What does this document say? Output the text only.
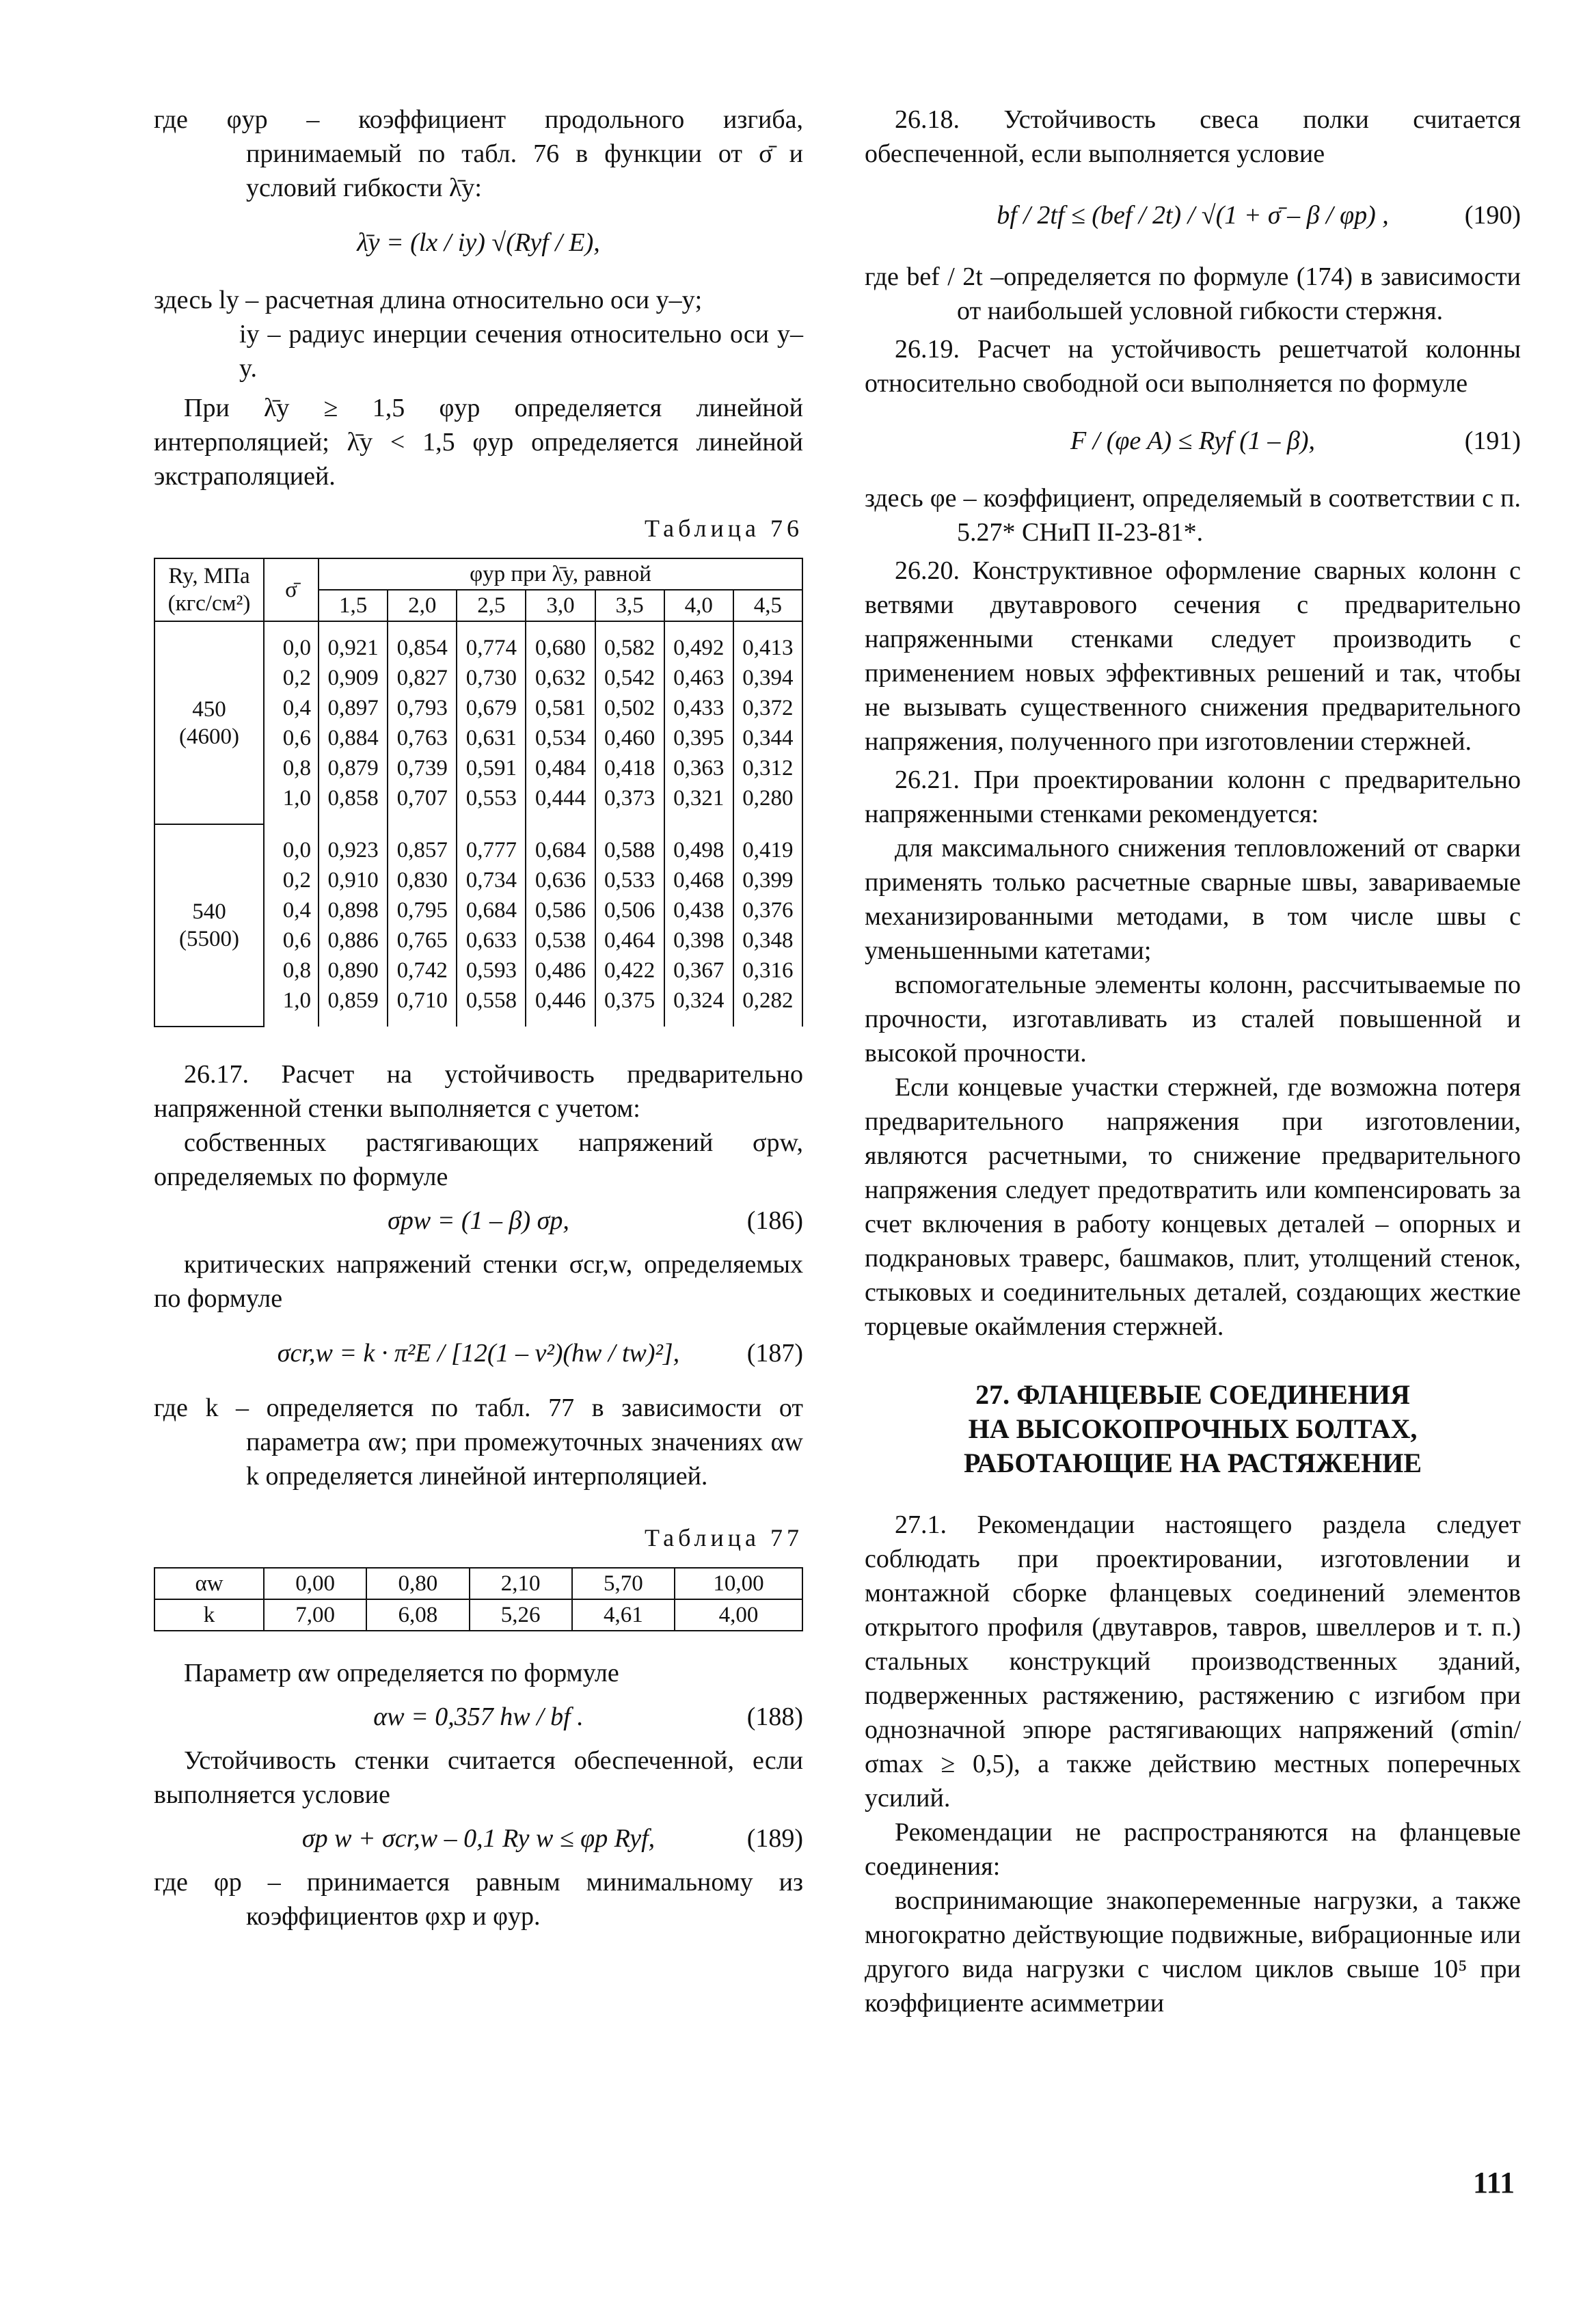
где φyp – коэффициент продольного изгиба, принимаемый по табл. 76 в функции от σ̄ и условий гибкости λ̄y:

λ̄y = (lx / iy) √(Ryf / E),

здесь ly – расчетная длина относительно оси y–y;

iy – радиус инерции сечения относительно оси y–y.

При λ̄y ≥ 1,5 φyp определяется линейной интерполяцией; λ̄y < 1,5 φyp определяется линейной экстраполяцией.

Таблица 76
Ry, МПа (кгс/см²)	σ̄	φyp при λ̄y, равной						
		1,5	2,0	2,5	3,0	3,5	4,0	4,5

450
(4600)	0,0	0,921	0,854	0,774	0,680	0,582	0,492	0,413
	0,2	0,909	0,827	0,730	0,632	0,542	0,463	0,394
	0,4	0,897	0,793	0,679	0,581	0,502	0,433	0,372
	0,6	0,884	0,763	0,631	0,534	0,460	0,395	0,344
	0,8	0,879	0,739	0,591	0,484	0,418	0,363	0,312
	1,0	0,858	0,707	0,553	0,444	0,373	0,321	0,280

540
(5500)	0,0	0,923	0,857	0,777	0,684	0,588	0,498	0,419
	0,2	0,910	0,830	0,734	0,636	0,533	0,468	0,399
	0,4	0,898	0,795	0,684	0,586	0,506	0,438	0,376
	0,6	0,886	0,765	0,633	0,538	0,464	0,398	0,348
	0,8	0,890	0,742	0,593	0,486	0,422	0,367	0,316
	1,0	0,859	0,710	0,558	0,446	0,375	0,324	0,282

26.17. Расчет на устойчивость предварительно напряженной стенки выполняется с учетом:

собственных растягивающих напряжений σpw, определяемых по формуле

σpw = (1 – β) σp,	(186)

критических напряжений стенки σcr,w, определяемых по формуле

σcr,w = k · π²E / [12(1 – ν²)(hw / tw)²],	(187)

где k – определяется по табл. 77 в зависимости от параметра αw; при промежуточных значениях αw k определяется линейной интерполяцией.

Таблица 77
αw	0,00	0,80	2,10	5,70	10,00
k	7,00	6,08	5,26	4,61	4,00

Параметр αw определяется по формуле

αw = 0,357 hw / bf .	(188)

Устойчивость стенки считается обеспеченной, если выполняется условие

σp w + σcr,w – 0,1 Ry w ≤ φp Ryf,	(189)

где φp – принимается равным минимальному из коэффициентов φxp и φyp.

26.18. Устойчивость свеса полки считается обеспеченной, если выполняется условие

bf / 2tf ≤ (bef / 2t) / √(1 + σ̄ – β / φp) ,	(190)

где bef / 2t –определяется по формуле (174) в зависимости от наибольшей условной гибкости стержня.

26.19. Расчет на устойчивость решетчатой колонны относительно свободной оси выполняется по формуле

F / (φe A) ≤ Ryf (1 – β),	(191)

здесь φe – коэффициент, определяемый в соответствии с п. 5.27* СНиП II-23-81*.

26.20. Конструктивное оформление сварных колонн с ветвями двутаврового сечения с предварительно напряженными стенками следует производить с применением новых эффективных решений и так, чтобы не вызывать существенного снижения предварительного напряжения, полученного при изготовлении стержней.

26.21. При проектировании колонн с предварительно напряженными стенками рекомендуется:

для максимального снижения тепловложений от сварки применять только расчетные сварные швы, завариваемые механизированными методами, в том числе швы с уменьшенными катетами;

вспомогательные элементы колонн, рассчитываемые по прочности, изготавливать из сталей повышенной и высокой прочности.

Если концевые участки стержней, где возможна потеря предварительного напряжения при изготовлении, являются расчетными, то снижение предварительного напряжения следует предотвратить или компенсировать за счет включения в работу концевых деталей – опорных и подкрановых траверс, башмаков, плит, утолщений стенок, стыковых и соединительных деталей, создающих жесткие торцевые окаймления стержней.

27. ФЛАНЦЕВЫЕ СОЕДИНЕНИЯ
НА ВЫСОКОПРОЧНЫХ БОЛТАХ,
РАБОТАЮЩИЕ НА РАСТЯЖЕНИЕ

27.1. Рекомендации настоящего раздела следует соблюдать при проектировании, изготовлении и монтажной сборке фланцевых соединений элементов открытого профиля (двутавров, тавров, швеллеров и т. п.) стальных конструкций производственных зданий, подверженных растяжению, растяжению с изгибом при однозначной эпюре растягивающих напряжений (σmin/σmax ≥ 0,5), а также действию местных поперечных усилий.

Рекомендации не распространяются на фланцевые соединения:

воспринимающие знакопеременные нагрузки, а также многократно действующие подвижные, вибрационные или другого вида нагрузки с числом циклов свыше 10⁵ при коэффициенте асимметрии

111
